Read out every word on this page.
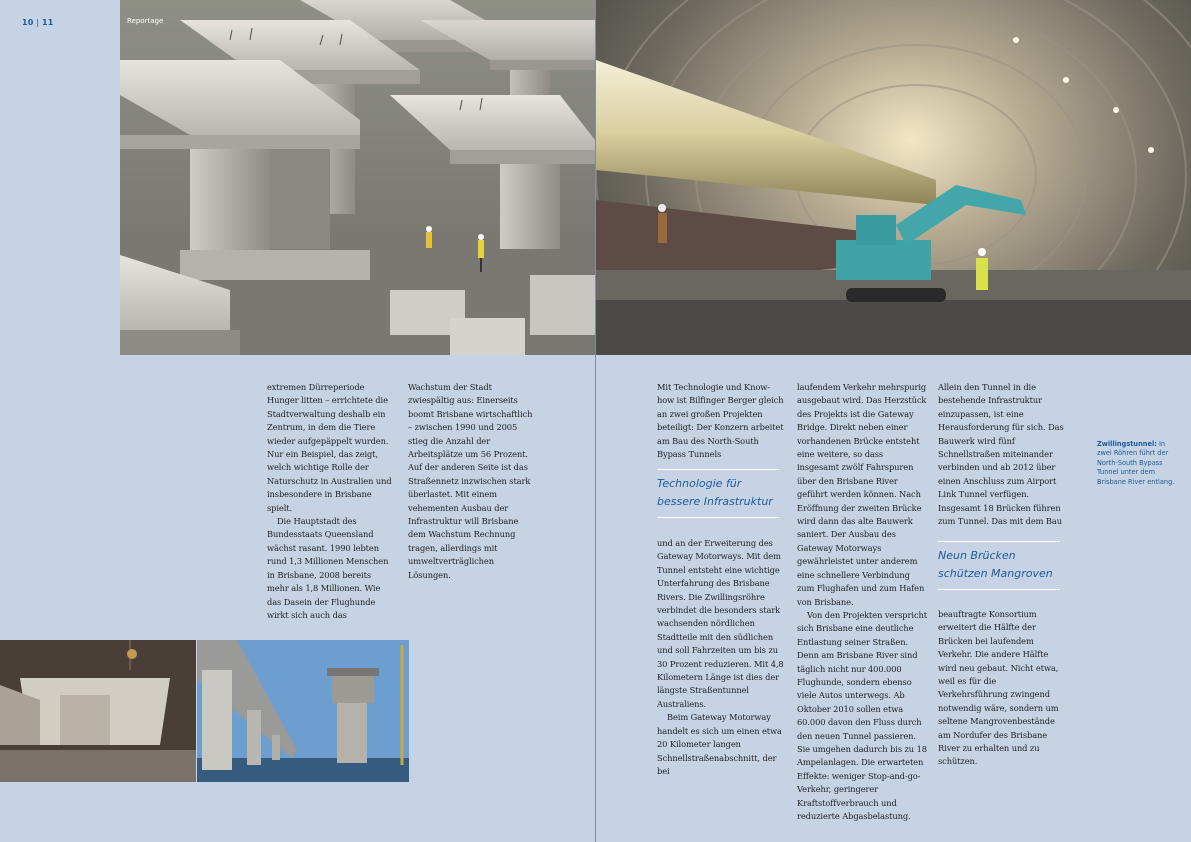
10 | 11	Reportage

extremen Dürreperiode Hunger litten – errichtete die Stadtverwaltung deshalb ein Zentrum, in dem die Tiere wieder aufgepäppelt wurden. Nur ein Beispiel, das zeigt, welch wichtige Rolle der Naturschutz in Australien und insbesondere in Brisbane spielt.

Die Hauptstadt des Bundesstaats Queensland wächst rasant. 1990 lebten rund 1,3 Millionen Menschen in Brisbane, 2008 bereits mehr als 1,8 Millionen. Wie das Dasein der Flughunde wirkt sich auch das

Wachstum der Stadt zwiespältig aus: Einerseits boomt Brisbane wirtschaftlich – zwischen 1990 und 2005 stieg die Anzahl der Arbeitsplätze um 56 Prozent. Auf der anderen Seite ist das Straßennetz inzwischen stark überlastet. Mit einem vehementen Ausbau der Infrastruktur will Brisbane dem Wachstum Rechnung tragen, allerdings mit umweltverträglichen Lösungen.

Mit Technologie und Know-how ist Bilfinger Berger gleich an zwei großen Projekten beteiligt: Der Konzern arbeitet am Bau des North-South Bypass Tunnels

Technologie für bessere Infrastruktur

und an der Erweiterung des Gateway Motorways. Mit dem Tunnel entsteht eine wichtige Unterfahrung des Brisbane Rivers. Die Zwillingsröhre verbindet die besonders stark wachsenden nördlichen Stadtteile mit den südlichen und soll Fahrzeiten um bis zu 30 Prozent reduzieren. Mit 4,8 Kilometern Länge ist dies der längste Straßentunnel Australiens.

Beim Gateway Motorway handelt es sich um einen etwa 20 Kilometer langen Schnellstraßenabschnitt, der bei

laufendem Verkehr mehrspurig ausgebaut wird. Das Herzstück des Projekts ist die Gateway Bridge. Direkt neben einer vorhandenen Brücke entsteht eine weitere, so dass insgesamt zwölf Fahrspuren über den Brisbane River geführt werden können. Nach Eröffnung der zweiten Brücke wird dann das alte Bauwerk saniert. Der Ausbau des Gateway Motorways gewährleistet unter anderem eine schnellere Verbindung zum Flughafen und zum Hafen von Brisbane.

Von den Projekten verspricht sich Brisbane eine deutliche Entlastung seiner Straßen. Denn am Brisbane River sind täglich nicht nur 400.000 Flughunde, sondern ebenso viele Autos unterwegs. Ab Oktober 2010 sollen etwa 60.000 davon den Fluss durch den neuen Tunnel passieren. Sie umgehen dadurch bis zu 18 Ampelanlagen. Die erwarteten Effekte: weniger Stop-and-go-Verkehr, geringerer Kraftstoffverbrauch und reduzierte Abgasbelastung.

Allein den Tunnel in die bestehende Infrastruktur einzupassen, ist eine Herausforderung für sich. Das Bauwerk wird fünf Schnellstraßen miteinander verbinden und ab 2012 über einen Anschluss zum Airport Link Tunnel verfügen. Insgesamt 18 Brücken führen zum Tunnel. Das mit dem Bau

Neun Brücken schützen Mangroven

beauftragte Konsortium erweitert die Hälfte der Brücken bei laufendem Verkehr. Die andere Hälfte wird neu gebaut. Nicht etwa, weil es für die Verkehrsführung zwingend notwendig wäre, sondern um seltene Mangrovenbestände am Nordufer des Brisbane River zu erhalten und zu schützen.

Zwillingstunnel: In zwei Röhren führt der North-South Bypass Tunnel unter dem Brisbane River entlang.
